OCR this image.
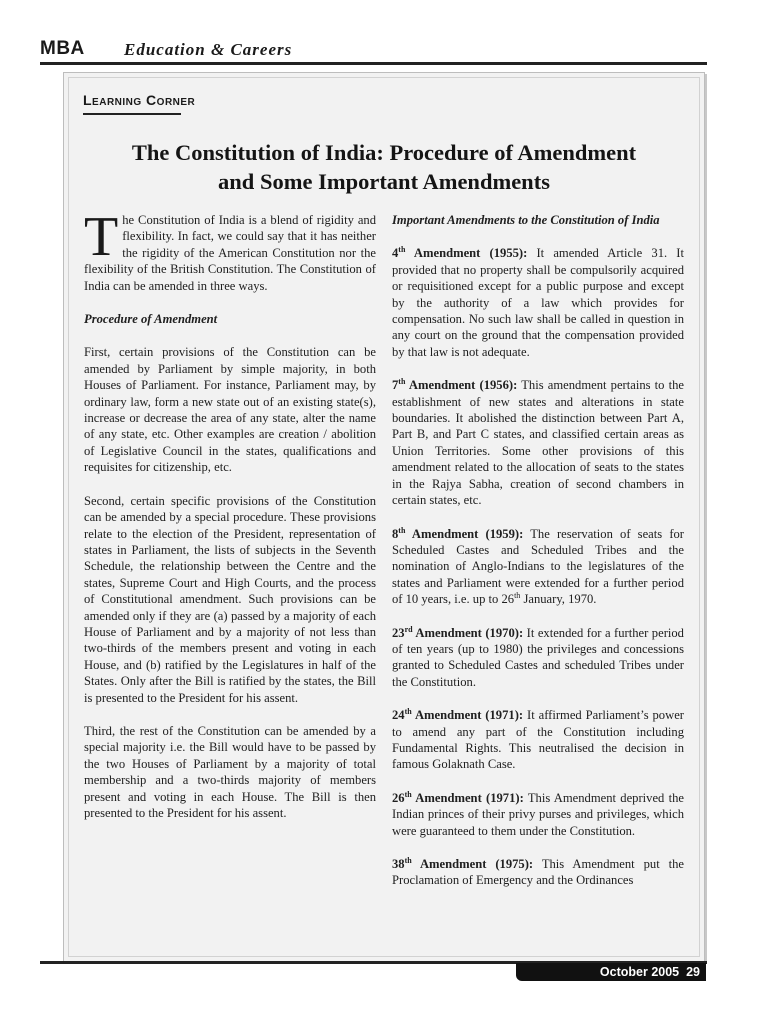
MBA Education & Careers
Learning Corner
The Constitution of India: Procedure of Amendment
and Some Important Amendments

The Constitution of India is a blend of rigidity and flexibility. In fact, we could say that it has neither the rigidity of the American Constitution nor the flexibility of the British Constitution. The Constitution of India can be amended in three ways.

Procedure of Amendment

First, certain provisions of the Constitution can be amended by Parliament by simple majority, in both Houses of Parliament. For instance, Parliament may, by ordinary law, form a new state out of an existing state(s), increase or decrease the area of any state, alter the name of any state, etc. Other examples are creation / abolition of Legislative Council in the states, qualifications and requisites for citizenship, etc.

Second, certain specific provisions of the Constitution can be amended by a special procedure. These provisions relate to the election of the President, representation of states in Parliament, the lists of subjects in the Seventh Schedule, the relationship between the Centre and the states, Supreme Court and High Courts, and the process of Constitutional amendment. Such provisions can be amended only if they are (a) passed by a majority of each House of Parliament and by a majority of not less than two-thirds of the members present and voting in each House, and (b) ratified by the Legislatures in half of the States. Only after the Bill is ratified by the states, the Bill is presented to the President for his assent.

Third, the rest of the Constitution can be amended by a special majority i.e. the Bill would have to be passed by the two Houses of Parliament by a majority of total membership and a two-thirds majority of members present and voting in each House. The Bill is then presented to the President for his assent.

Important Amendments to the Constitution of India

4th Amendment (1955): It amended Article 31. It provided that no property shall be compulsorily acquired or requisitioned except for a public purpose and except by the authority of a law which provides for compensation. No such law shall be called in question in any court on the ground that the compensation provided by that law is not adequate.

7th Amendment (1956): This amendment pertains to the establishment of new states and alterations in state boundaries. It abolished the distinction between Part A, Part B, and Part C states, and classified certain areas as Union Territories. Some other provisions of this amendment related to the allocation of seats to the states in the Rajya Sabha, creation of second chambers in certain states, etc.

8th Amendment (1959): The reservation of seats for Scheduled Castes and Scheduled Tribes and the nomination of Anglo-Indians to the legislatures of the states and Parliament were extended for a further period of 10 years, i.e. up to 26th January, 1970.

23rd Amendment (1970): It extended for a further period of ten years (up to 1980) the privileges and concessions granted to Scheduled Castes and scheduled Tribes under the Constitution.

24th Amendment (1971): It affirmed Parliament’s power to amend any part of the Constitution including Fundamental Rights. This neutralised the decision in famous Golaknath Case.

26th Amendment (1971): This Amendment deprived the Indian princes of their privy purses and privileges, which were guaranteed to them under the Constitution.

38th Amendment (1975): This Amendment put the Proclamation of Emergency and the Ordinances

October 2005 29
